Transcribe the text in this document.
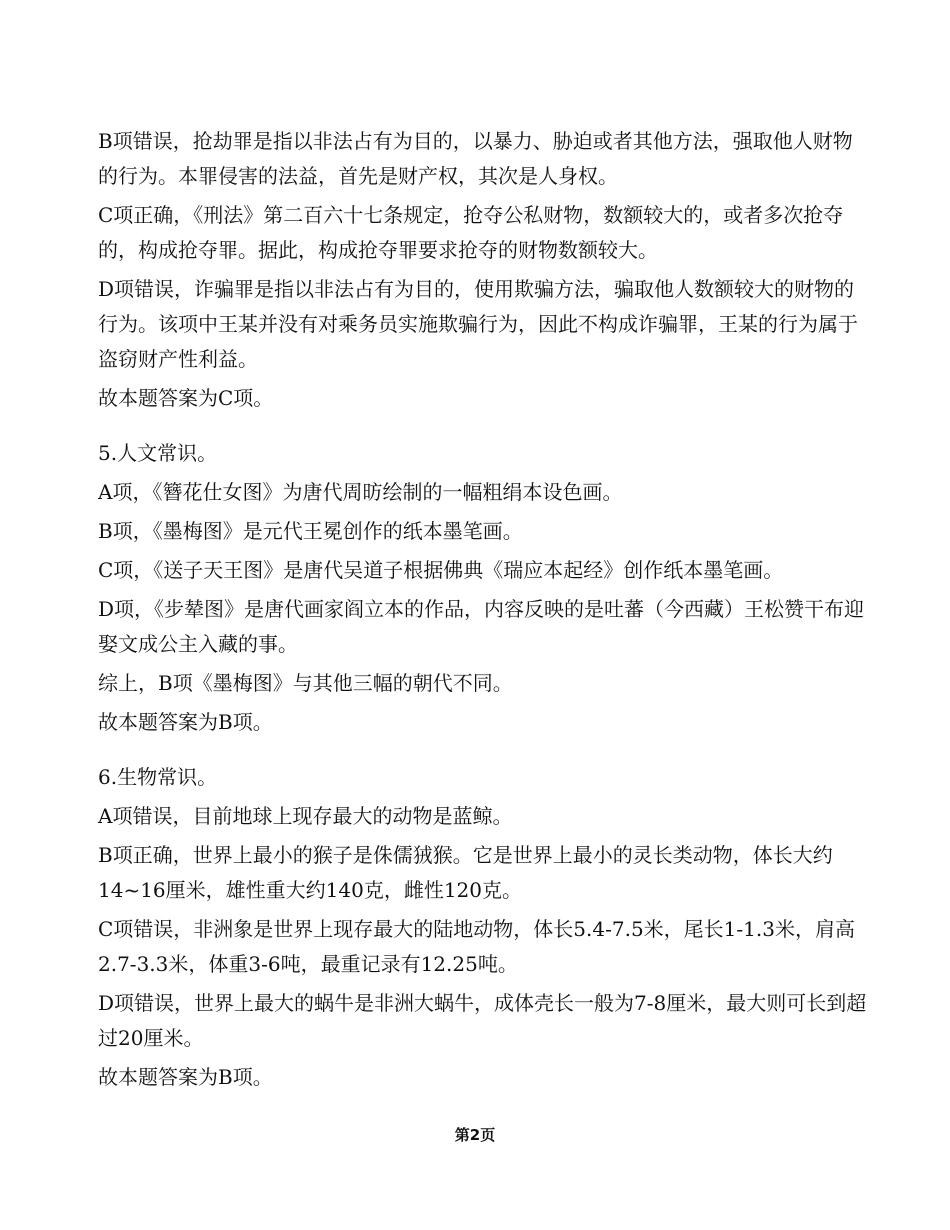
B项错误，抢劫罪是指以非法占有为目的，以暴力、胁迫或者其他方法，强取他人财物的行为。本罪侵害的法益，首先是财产权，其次是人身权。

C项正确，《刑法》第二百六十七条规定，抢夺公私财物，数额较大的，或者多次抢夺的，构成抢夺罪。据此，构成抢夺罪要求抢夺的财物数额较大。

D项错误，诈骗罪是指以非法占有为目的，使用欺骗方法，骗取他人数额较大的财物的行为。该项中王某并没有对乘务员实施欺骗行为，因此不构成诈骗罪，王某的行为属于盗窃财产性利益。

故本题答案为C项。

5.人文常识。

A项，《簪花仕女图》为唐代周昉绘制的一幅粗绢本设色画。

B项，《墨梅图》是元代王冕创作的纸本墨笔画。

C项，《送子天王图》是唐代吴道子根据佛典《瑞应本起经》创作纸本墨笔画。

D项，《步辇图》是唐代画家阎立本的作品，内容反映的是吐蕃（今西藏）王松赞干布迎娶文成公主入藏的事。

综上，B项《墨梅图》与其他三幅的朝代不同。

故本题答案为B项。

6.生物常识。

A项错误，目前地球上现存最大的动物是蓝鲸。

B项正确，世界上最小的猴子是侏儒狨猴。它是世界上最小的灵长类动物，体长大约14~16厘米，雄性重大约140克，雌性120克。

C项错误，非洲象是世界上现存最大的陆地动物，体长5.4-7.5米，尾长1-1.3米，肩高2.7-3.3米，体重3-6吨，最重记录有12.25吨。

D项错误，世界上最大的蜗牛是非洲大蜗牛，成体壳长一般为7-8厘米，最大则可长到超过20厘米。

故本题答案为B项。

第2页
